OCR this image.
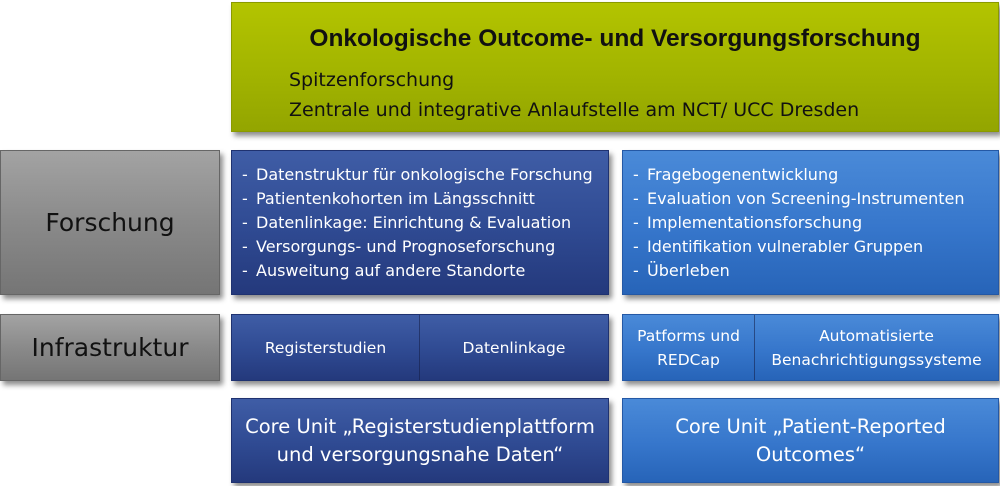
Onkologische Outcome- und Versorgungsforschung
Spitzenforschung
Zentrale und integrative Anlaufstelle am NCT/ UCC Dresden
Forschung
- Datenstruktur für onkologische Forschung
- Patientenkohorten im Längsschnitt
- Datenlinkage: Einrichtung & Evaluation
- Versorgungs- und Prognoseforschung
- Ausweitung auf andere Standorte
- Fragebogenentwicklung
- Evaluation von Screening-Instrumenten
- Implementationsforschung
- Identifikation vulnerabler Gruppen
- Überleben
Infrastruktur	Registerstudien	Datenlinkage
Patforms und
REDCap
Automatisierte
Benachrichtigungssysteme
Core Unit „Registerstudienplattform
und versorgungsnahe Daten“
Core Unit „Patient-Reported
Outcomes“
